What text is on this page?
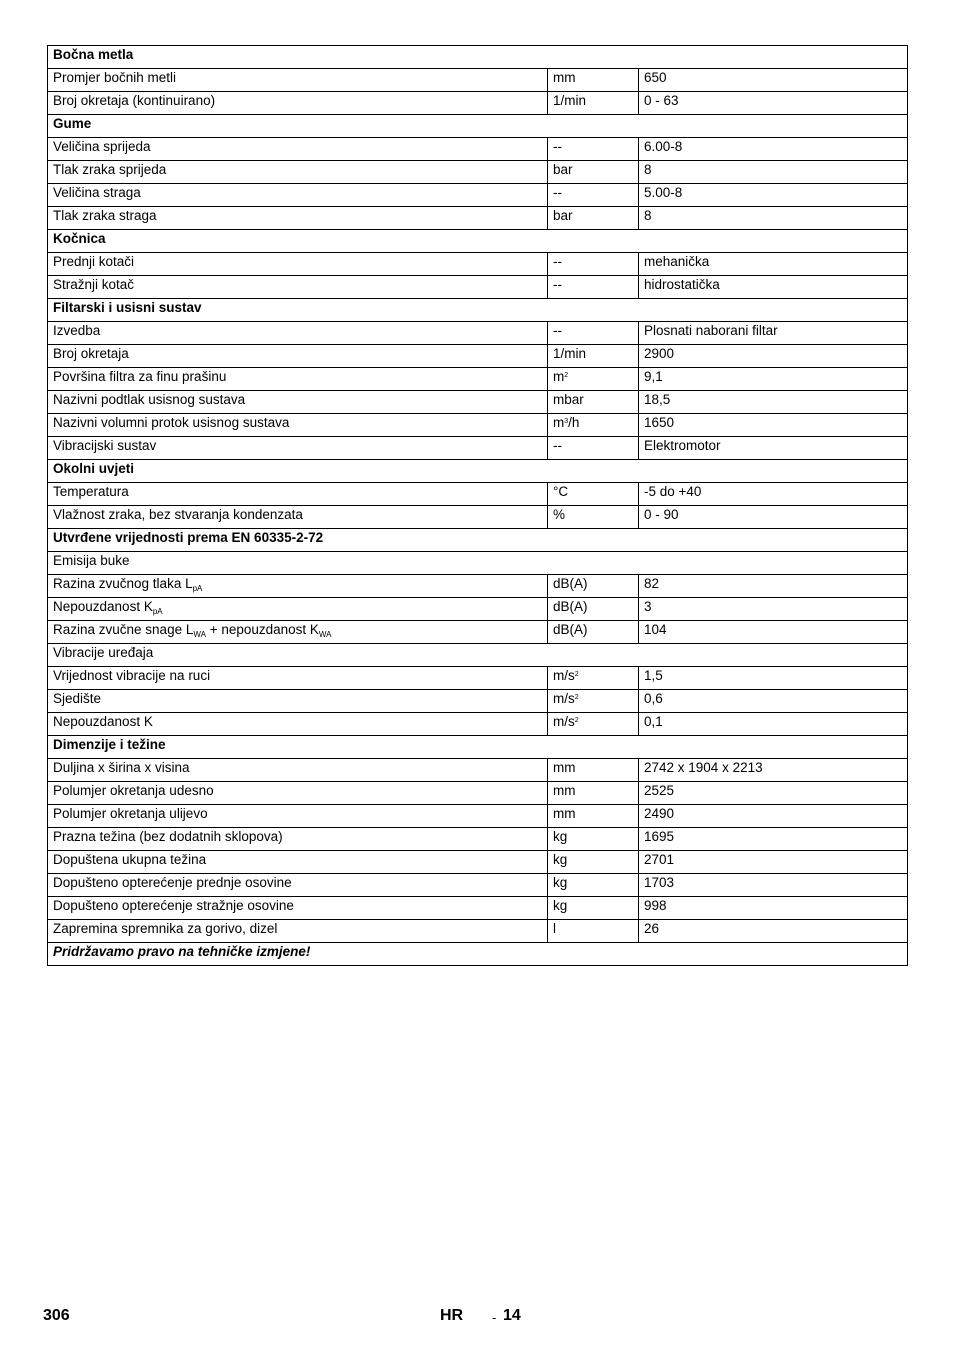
Bočna metla		
Promjer bočnih metli	mm	650
Broj okretaja (kontinuirano)	1/min	0 - 63
Gume		
Veličina sprijeda	--	6.00-8
Tlak zraka sprijeda	bar	8
Veličina straga	--	5.00-8
Tlak zraka straga	bar	8
Kočnica		
Prednji kotači	--	mehanička
Stražnji kotač	--	hidrostatička
Filtarski i usisni sustav		
Izvedba	--	Plosnati naborani filtar
Broj okretaja	1/min	2900
Površina filtra za finu prašinu	$m^2$	9,1
Nazivni podtlak usisnog sustava	mbar	18,5
Nazivni volumni protok usisnog sustava	$m^3/h$	1650
Vibracijski sustav	--	Elektromotor
Okolni uvjeti		
Temperatura	°C	-5 do +40
Vlažnost zraka, bez stvaranja kondenzata	%	0 - 90
Utvrđene vrijednosti prema EN 60335-2-72		
Emisija buke		
Razina zvučnog tlaka $L_{pA}$	dB(A)	82
Nepouzdanost $K_{pA}$	dB(A)	3
Razina zvučne snage $L_{WA}$ + nepouzdanost $K_{WA}$	dB(A)	104
Vibracije uređaja		
Vrijednost vibracije na ruci	$m/s^2$	1,5
Sjedište	$m/s^2$	0,6
Nepouzdanost K	$m/s^2$	0,1
Dimenzije i težine		
Duljina x širina x visina	mm	2742 x 1904 x 2213
Polumjer okretanja udesno	mm	2525
Polumjer okretanja ulijevo	mm	2490
Prazna težina (bez dodatnih sklopova)	kg	1695
Dopuštena ukupna težina	kg	2701
Dopušteno opterećenje prednje osovine	kg	1703
Dopušteno opterećenje stražnje osovine	kg	998
Zapremina spremnika za gorivo, dizel	l	26
Pridržavamo pravo na tehničke izmjene!		
306	HR - 14
